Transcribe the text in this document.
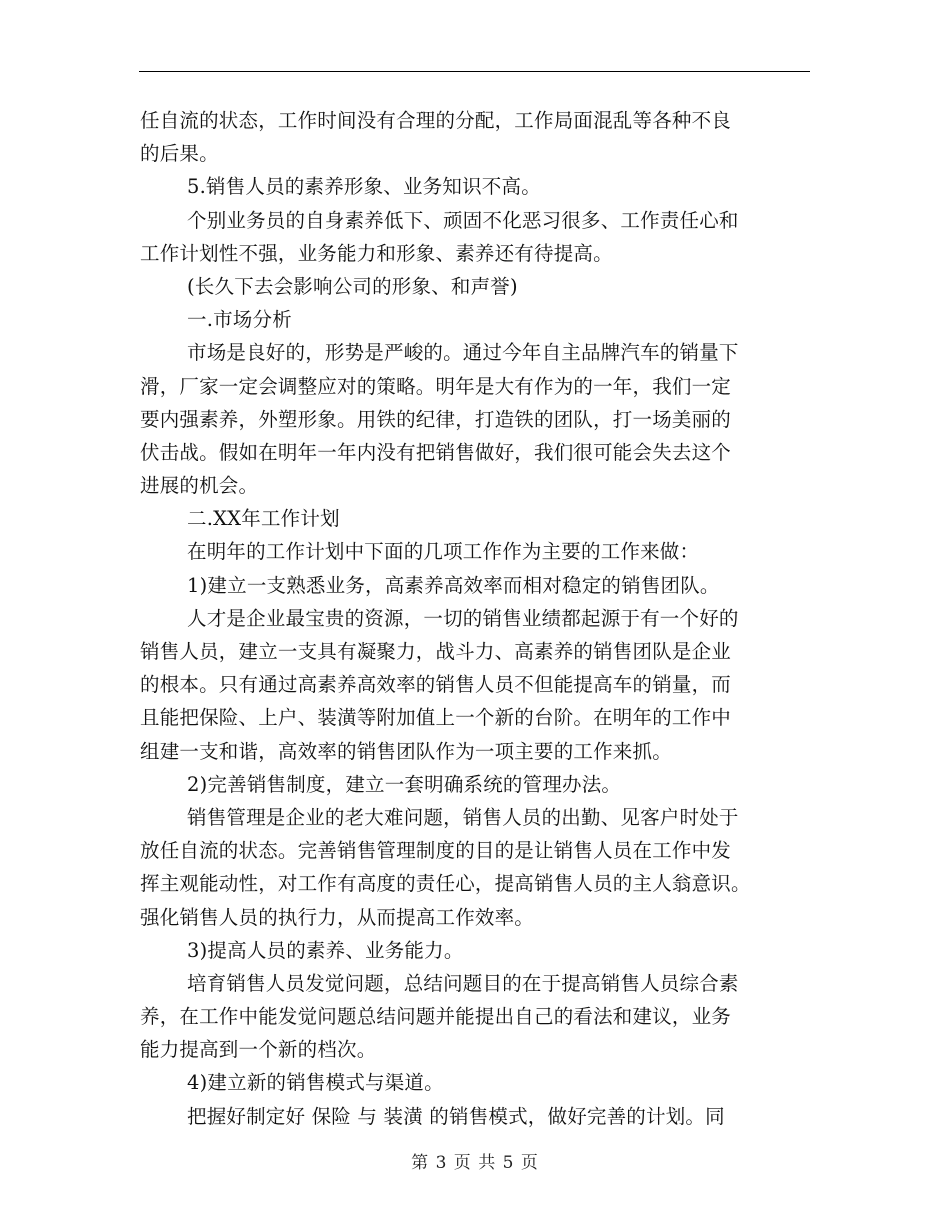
任自流的状态，工作时间没有合理的分配，工作局面混乱等各种不良
的后果。
5.销售人员的素养形象、业务知识不高。
个别业务员的自身素养低下、顽固不化恶习很多、工作责任心和
工作计划性不强，业务能力和形象、素养还有待提高。
(长久下去会影响公司的形象、和声誉)
一.市场分析
市场是良好的，形势是严峻的。通过今年自主品牌汽车的销量下
滑，厂家一定会调整应对的策略。明年是大有作为的一年，我们一定
要内强素养，外塑形象。用铁的纪律，打造铁的团队，打一场美丽的
伏击战。假如在明年一年内没有把销售做好，我们很可能会失去这个
进展的机会。
二.XX年工作计划
在明年的工作计划中下面的几项工作作为主要的工作来做：
1)建立一支熟悉业务，高素养高效率而相对稳定的销售团队。
人才是企业最宝贵的资源，一切的销售业绩都起源于有一个好的
销售人员，建立一支具有凝聚力，战斗力、高素养的销售团队是企业
的根本。只有通过高素养高效率的销售人员不但能提高车的销量，而
且能把保险、上户、装潢等附加值上一个新的台阶。在明年的工作中
组建一支和谐，高效率的销售团队作为一项主要的工作来抓。
2)完善销售制度，建立一套明确系统的管理办法。
销售管理是企业的老大难问题，销售人员的出勤、见客户时处于
放任自流的状态。完善销售管理制度的目的是让销售人员在工作中发
挥主观能动性，对工作有高度的责任心，提高销售人员的主人翁意识。
强化销售人员的执行力，从而提高工作效率。
3)提高人员的素养、业务能力。
培育销售人员发觉问题，总结问题目的在于提高销售人员综合素
养，在工作中能发觉问题总结问题并能提出自己的看法和建议，业务
能力提高到一个新的档次。
4)建立新的销售模式与渠道。
把握好制定好 保险 与 装潢 的销售模式，做好完善的计划。同
第 3 页 共 5 页
